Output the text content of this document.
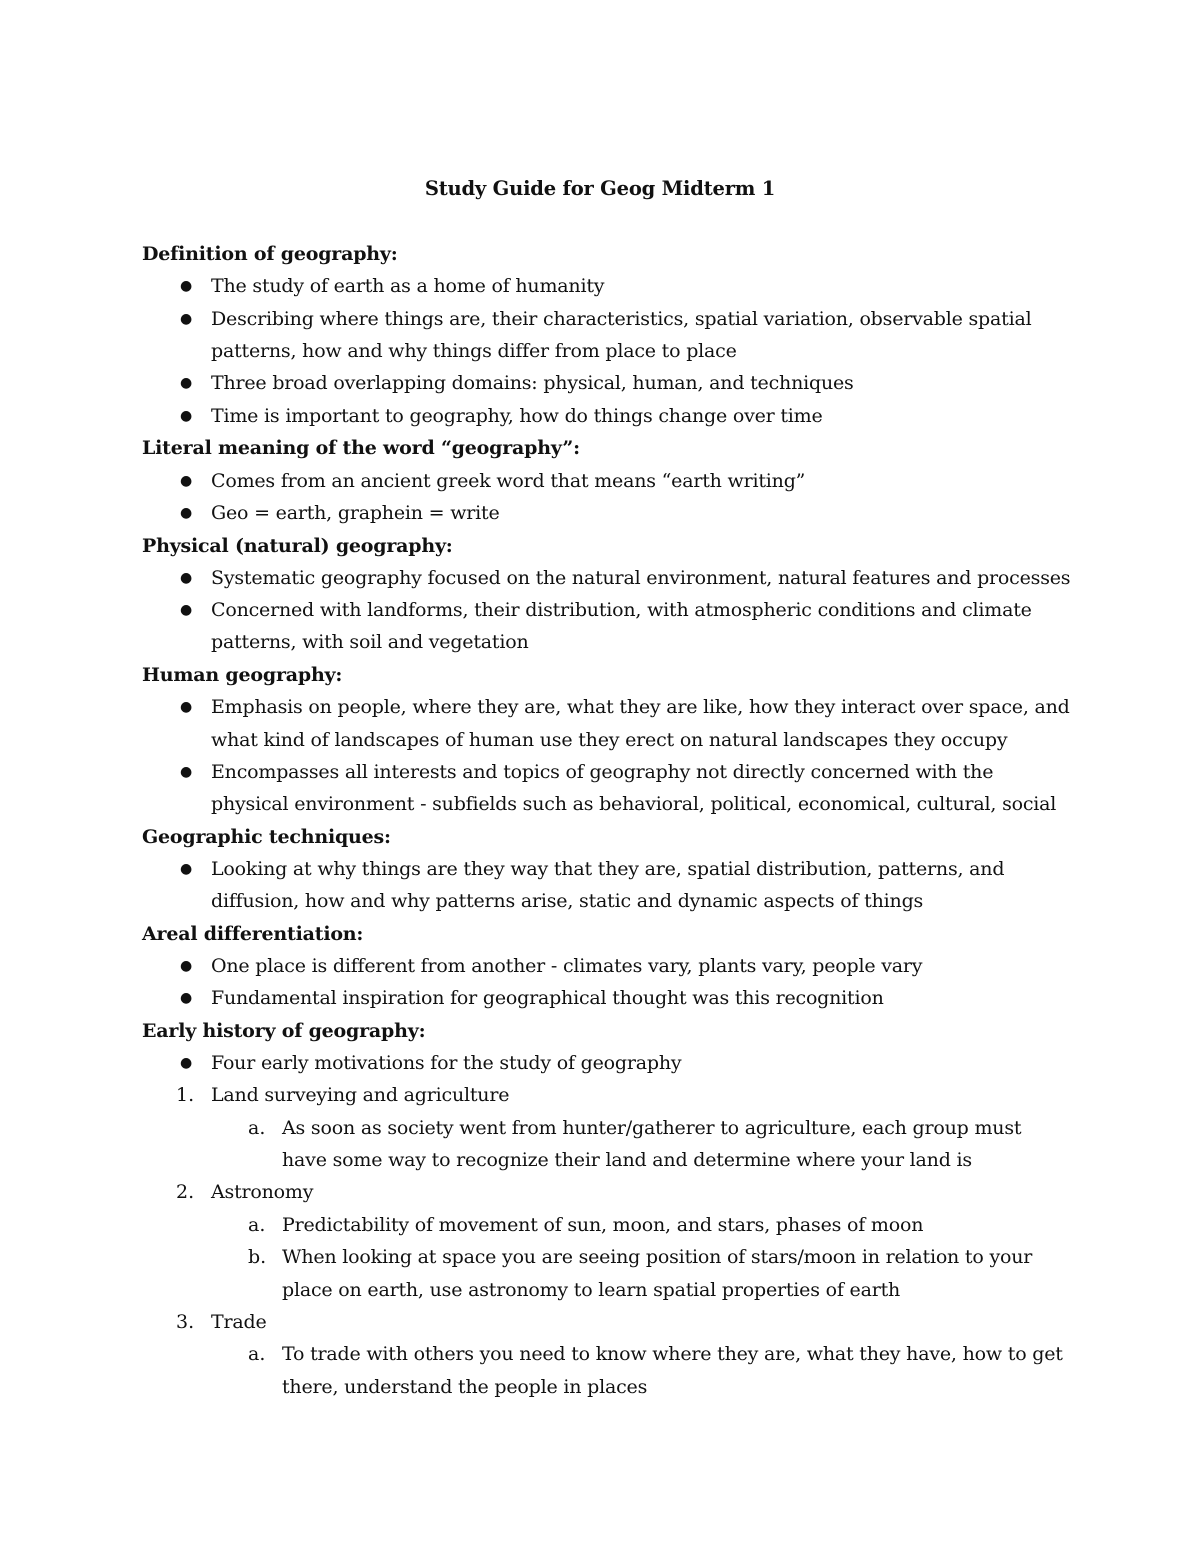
Study Guide for Geog Midterm 1
Definition of geography:
● The study of earth as a home of humanity
● Describing where things are, their characteristics, spatial variation, observable spatial
patterns, how and why things differ from place to place
● Three broad overlapping domains: physical, human, and techniques
● Time is important to geography, how do things change over time
Literal meaning of the word “geography”:
● Comes from an ancient greek word that means “earth writing”
● Geo = earth, graphein = write
Physical (natural) geography:
● Systematic geography focused on the natural environment, natural features and processes
● Concerned with landforms, their distribution, with atmospheric conditions and climate
patterns, with soil and vegetation
Human geography:
● Emphasis on people, where they are, what they are like, how they interact over space, and
what kind of landscapes of human use they erect on natural landscapes they occupy
● Encompasses all interests and topics of geography not directly concerned with the
physical environment - subfields such as behavioral, political, economical, cultural, social
Geographic techniques:
● Looking at why things are they way that they are, spatial distribution, patterns, and
diffusion, how and why patterns arise, static and dynamic aspects of things
Areal differentiation:
● One place is different from another - climates vary, plants vary, people vary
● Fundamental inspiration for geographical thought was this recognition
Early history of geography:
● Four early motivations for the study of geography
1. Land surveying and agriculture
a. As soon as society went from hunter/gatherer to agriculture, each group must
have some way to recognize their land and determine where your land is
2. Astronomy
a. Predictability of movement of sun, moon, and stars, phases of moon
b. When looking at space you are seeing position of stars/moon in relation to your
place on earth, use astronomy to learn spatial properties of earth
3. Trade
a. To trade with others you need to know where they are, what they have, how to get
there, understand the people in places
